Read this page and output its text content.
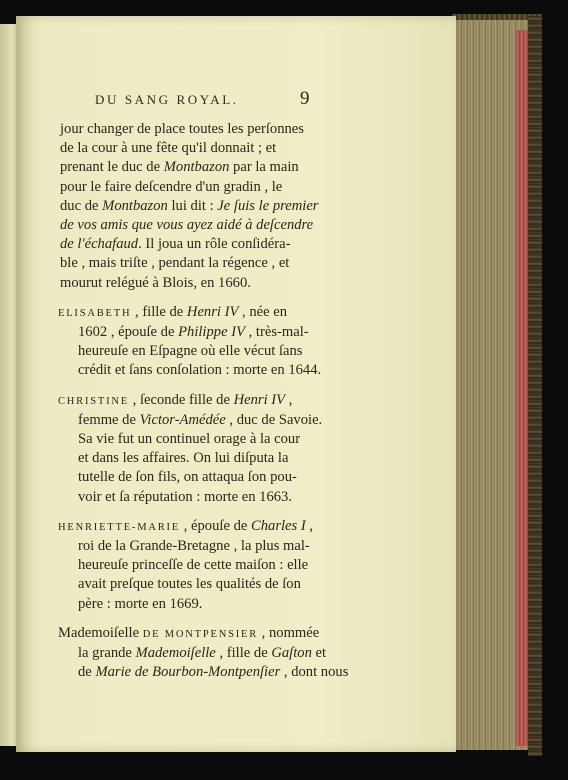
DU SANG ROYAL.	9
jour changer de place toutes les perſonnes
de la cour à une fête qu'il donnait ; et
prenant le duc de Montbazon par la main
pour le faire deſcendre d'un gradin , le
duc de Montbazon lui dit : Je ſuis le premier
de vos amis que vous ayez aidé à deſcendre
de l'échafaud. Il joua un rôle conſidéra-
ble , mais triſte , pendant la régence , et
mourut relégué à Blois, en 1660.
ELISABETH , fille de Henri IV , née en
1602 , épouſe de Philippe IV , très-mal-
heureuſe en Eſpagne où elle vécut ſans
crédit et ſans conſolation : morte en 1644.
CHRISTINE , ſeconde fille de Henri IV ,
femme de Victor-Amédée , duc de Savoie.
Sa vie fut un continuel orage à la cour
et dans les affaires. On lui diſputa la
tutelle de ſon fils, on attaqua ſon pou-
voir et ſa réputation : morte en 1663.
HENRIETTE-MARIE , épouſe de Charles I ,
roi de la Grande-Bretagne , la plus mal-
heureuſe princeſſe de cette maiſon : elle
avait preſque toutes les qualités de ſon
père : morte en 1669.
Mademoiſelle DE MONTPENSIER , nommée
la grande Mademoiſelle , fille de Gaſton et
de Marie de Bourbon-Montpenſier , dont nous
